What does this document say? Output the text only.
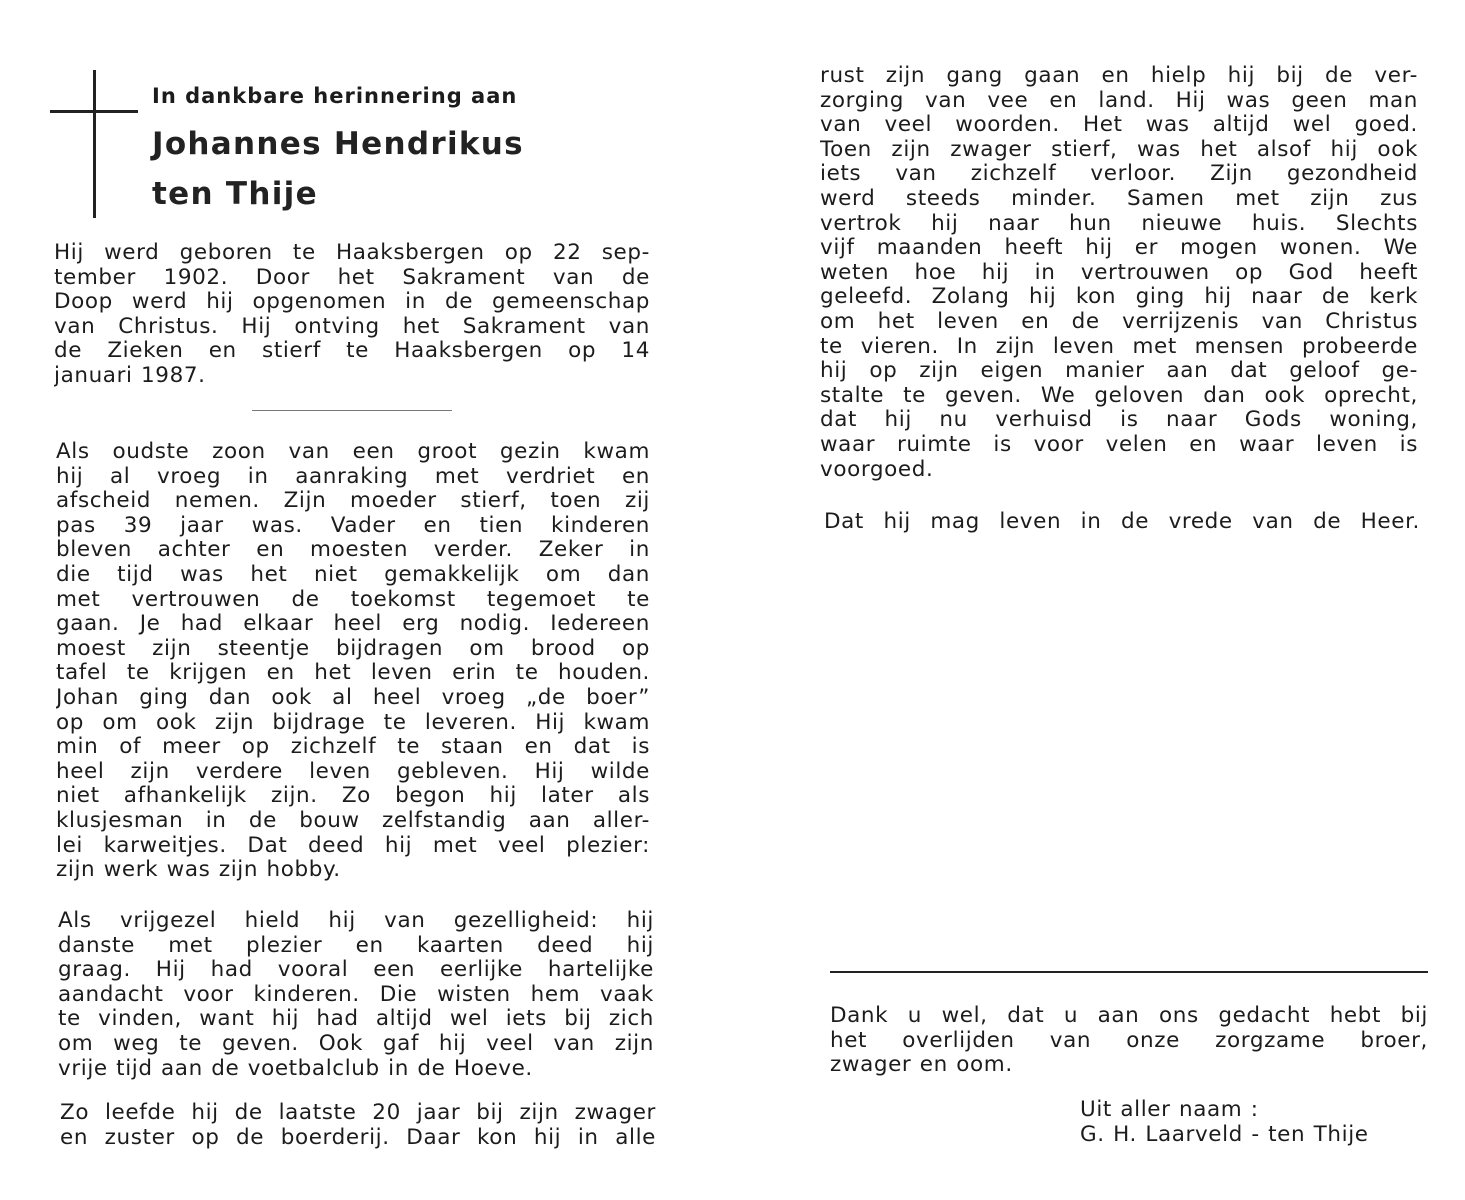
In dankbare herinnering aan

Johannes Hendrikus

ten Thije

Hij werd geboren te Haaksbergen op 22 sep-
tember 1902. Door het Sakrament van de
Doop werd hij opgenomen in de gemeenschap
van Christus. Hij ontving het Sakrament van
de Zieken en stierf te Haaksbergen op 14
januari 1987.
Als oudste zoon van een groot gezin kwam
hij al vroeg in aanraking met verdriet en
afscheid nemen. Zijn moeder stierf, toen zij
pas 39 jaar was. Vader en tien kinderen
bleven achter en moesten verder. Zeker in
die tijd was het niet gemakkelijk om dan
met vertrouwen de toekomst tegemoet te
gaan. Je had elkaar heel erg nodig. Iedereen
moest zijn steentje bijdragen om brood op
tafel te krijgen en het leven erin te houden.
Johan ging dan ook al heel vroeg „de boer”
op om ook zijn bijdrage te leveren. Hij kwam
min of meer op zichzelf te staan en dat is
heel zijn verdere leven gebleven. Hij wilde
niet afhankelijk zijn. Zo begon hij later als
klusjesman in de bouw zelfstandig aan aller-
lei karweitjes. Dat deed hij met veel plezier:
zijn werk was zijn hobby.
Als vrijgezel hield hij van gezelligheid: hij
danste met plezier en kaarten deed hij
graag. Hij had vooral een eerlijke hartelijke
aandacht voor kinderen. Die wisten hem vaak
te vinden, want hij had altijd wel iets bij zich
om weg te geven. Ook gaf hij veel van zijn
vrije tijd aan de voetbalclub in de Hoeve.
Zo leefde hij de laatste 20 jaar bij zijn zwager
en zuster op de boerderij. Daar kon hij in alle
rust zijn gang gaan en hielp hij bij de ver-
zorging van vee en land. Hij was geen man
van veel woorden. Het was altijd wel goed.
Toen zijn zwager stierf, was het alsof hij ook
iets van zichzelf verloor. Zijn gezondheid
werd steeds minder. Samen met zijn zus
vertrok hij naar hun nieuwe huis. Slechts
vijf maanden heeft hij er mogen wonen. We
weten hoe hij in vertrouwen op God heeft
geleefd. Zolang hij kon ging hij naar de kerk
om het leven en de verrijzenis van Christus
te vieren. In zijn leven met mensen probeerde
hij op zijn eigen manier aan dat geloof ge-
stalte te geven. We geloven dan ook oprecht,
dat hij nu verhuisd is naar Gods woning,
waar ruimte is voor velen en waar leven is
voorgoed.
Dat hij mag leven in de vrede van de Heer.
Dank u wel, dat u aan ons gedacht hebt bij
het overlijden van onze zorgzame broer,
zwager en oom.
Uit aller naam :
G. H. Laarveld - ten Thije
